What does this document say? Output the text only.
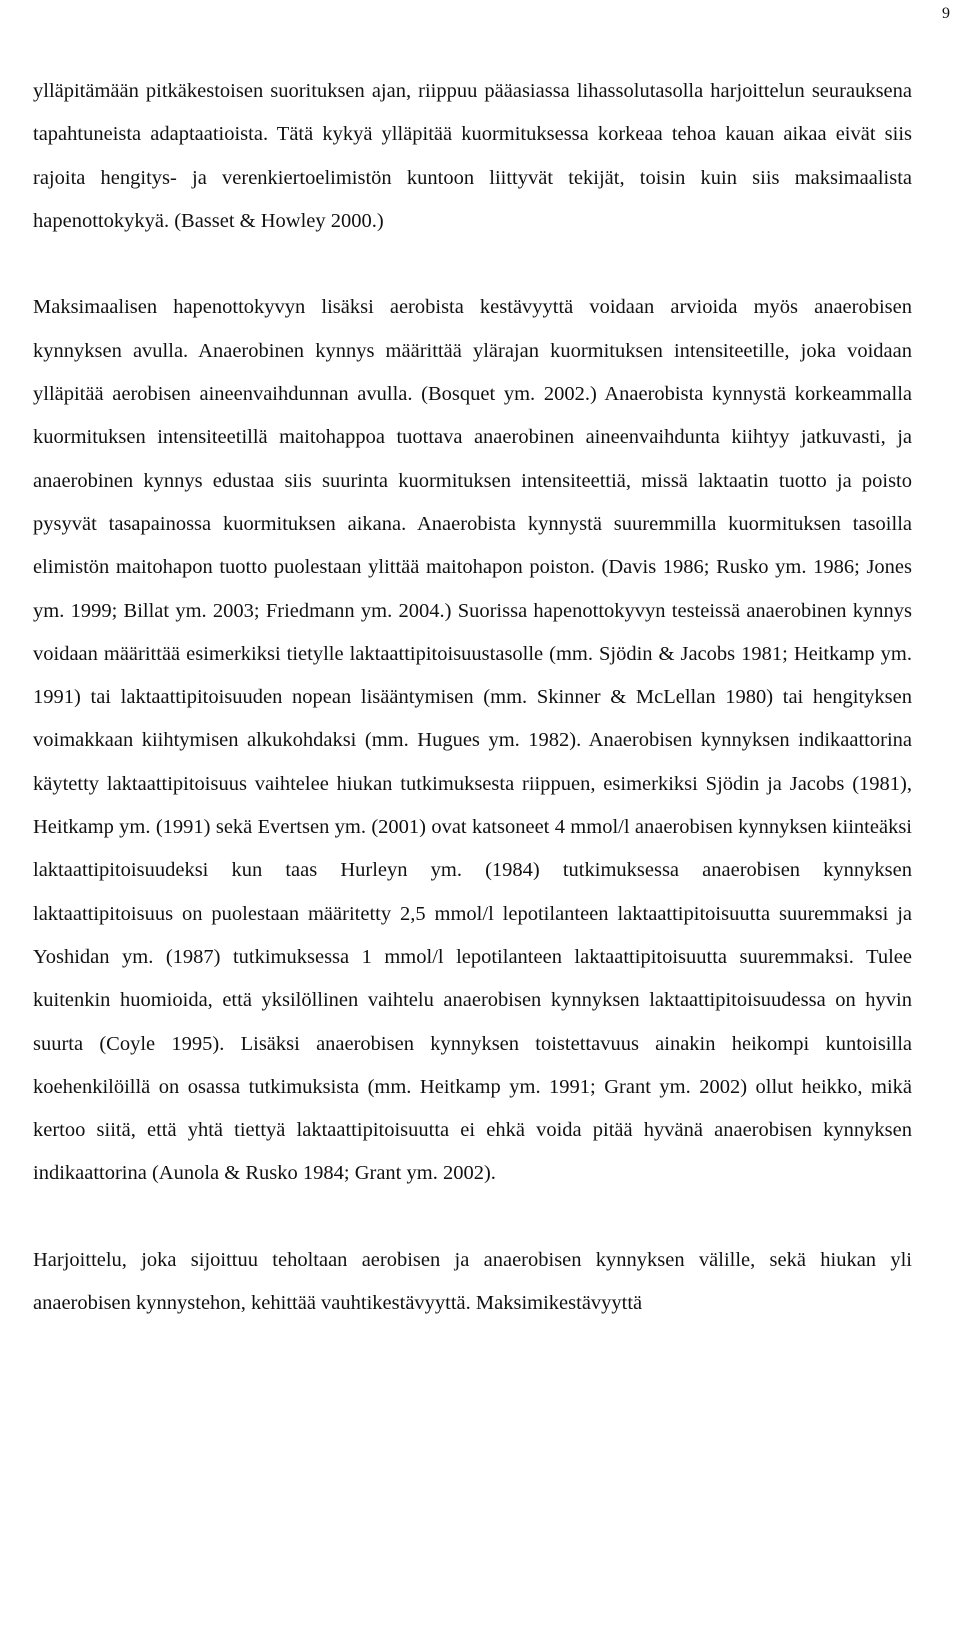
9

ylläpitämään pitkäkestoisen suorituksen ajan, riippuu pääasiassa lihassolutasolla harjoittelun seurauksena tapahtuneista adaptaatioista. Tätä kykyä ylläpitää kuormituksessa korkeaa tehoa kauan aikaa eivät siis rajoita hengitys- ja verenkiertoelimistön kuntoon liittyvät tekijät, toisin kuin siis maksimaalista hapenottokykyä. (Basset & Howley 2000.)

Maksimaalisen hapenottokyvyn lisäksi aerobista kestävyyttä voidaan arvioida myös anaerobisen kynnyksen avulla. Anaerobinen kynnys määrittää ylärajan kuormituksen intensiteetille, joka voidaan ylläpitää aerobisen aineenvaihdunnan avulla. (Bosquet ym. 2002.) Anaerobista kynnystä korkeammalla kuormituksen intensiteetillä maitohappoa tuottava anaerobinen aineenvaihdunta kiihtyy jatkuvasti, ja anaerobinen kynnys edustaa siis suurinta kuormituksen intensiteettiä, missä laktaatin tuotto ja poisto pysyvät tasapainossa kuormituksen aikana. Anaerobista kynnystä suuremmilla kuormituksen tasoilla elimistön maitohapon tuotto puolestaan ylittää maitohapon poiston. (Davis 1986; Rusko ym. 1986; Jones ym. 1999; Billat ym. 2003; Friedmann ym. 2004.) Suorissa hapenottokyvyn testeissä anaerobinen kynnys voidaan määrittää esimerkiksi tietylle laktaattipitoisuustasolle (mm. Sjödin & Jacobs 1981; Heitkamp ym. 1991) tai laktaattipitoisuuden nopean lisääntymisen (mm. Skinner & McLellan 1980) tai hengityksen voimakkaan kiihtymisen alkukohdaksi (mm. Hugues ym. 1982). Anaerobisen kynnyksen indikaattorina käytetty laktaattipitoisuus vaihtelee hiukan tutkimuksesta riippuen, esimerkiksi Sjödin ja Jacobs (1981), Heitkamp ym. (1991) sekä Evertsen ym. (2001) ovat katsoneet 4 mmol/l anaerobisen kynnyksen kiinteäksi laktaattipitoisuudeksi kun taas Hurleyn ym. (1984) tutkimuksessa anaerobisen kynnyksen laktaattipitoisuus on puolestaan määritetty 2,5 mmol/l lepotilanteen laktaattipitoisuutta suuremmaksi ja Yoshidan ym. (1987) tutkimuksessa 1 mmol/l lepotilanteen laktaattipitoisuutta suuremmaksi. Tulee kuitenkin huomioida, että yksilöllinen vaihtelu anaerobisen kynnyksen laktaattipitoisuudessa on hyvin suurta (Coyle 1995). Lisäksi anaerobisen kynnyksen toistettavuus ainakin heikompi kuntoisilla koehenkilöillä on osassa tutkimuksista (mm. Heitkamp ym. 1991; Grant ym. 2002) ollut heikko, mikä kertoo siitä, että yhtä tiettyä laktaattipitoisuutta ei ehkä voida pitää hyvänä anaerobisen kynnyksen indikaattorina (Aunola & Rusko 1984; Grant ym. 2002).

Harjoittelu, joka sijoittuu teholtaan aerobisen ja anaerobisen kynnyksen välille, sekä hiukan yli anaerobisen kynnystehon, kehittää vauhtikestävyyttä. Maksimikestävyyttä
